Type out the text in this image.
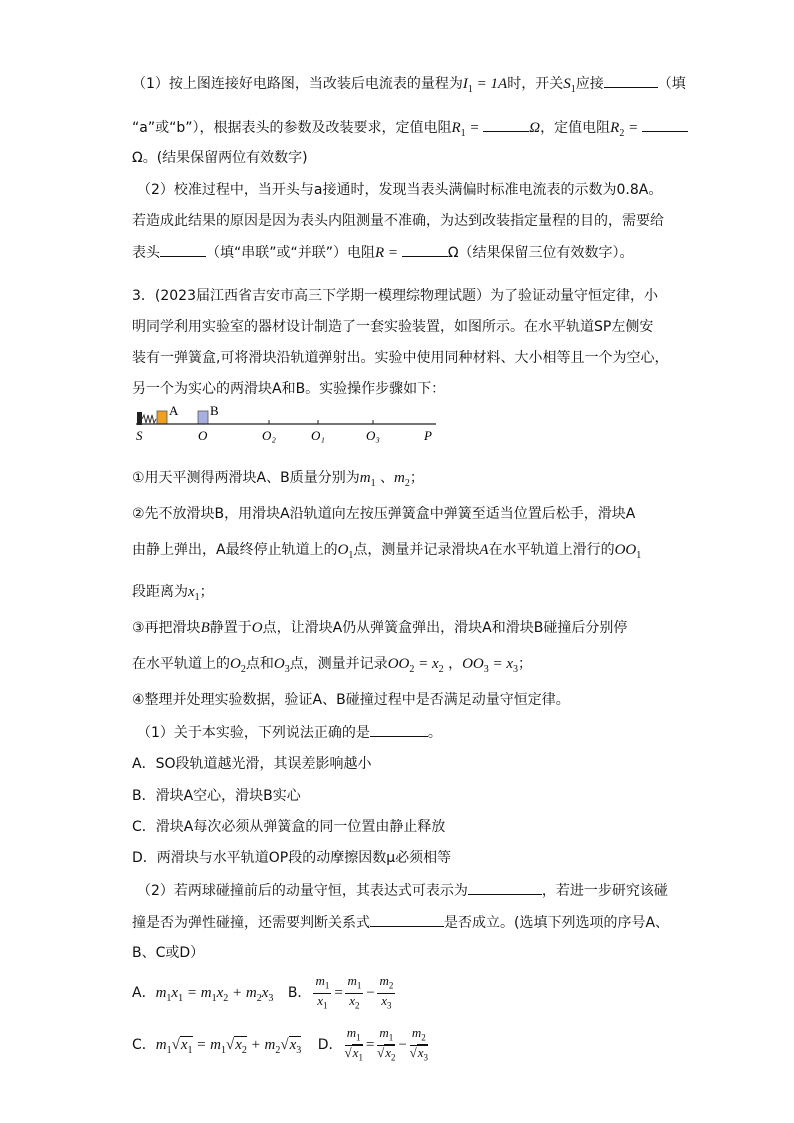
（1）按上图连接好电路图，当改装后电流表的量程为$I_1 = 1A$时，开关$S_1$应接	（填
“a”或“b”），根据表头的参数及改装要求，定值电阻$R_1$ =	Ω，定值电阻$R_2$ =
Ω。(结果保留两位有效数字)
（2）校准过程中，当开头与a接通时，发现当表头满偏时标准电流表的示数为0.8A。
若造成此结果的原因是因为表头内阻测量不准确，为达到改装指定量程的目的，需要给
表头	（填“串联”或“并联”）电阻R =	Ω（结果保留三位有效数字）。
3．(2023届江西省吉安市高三下学期一模理综物理试题）为了验证动量守恒定律，小
明同学利用实验室的器材设计制造了一套实验装置，如图所示。在水平轨道SP左侧安
装有一弹簧盒,可将滑块沿轨道弹射出。实验中使用同种材料、大小相等且一个为空心，
另一个为实心的两滑块A和B。实验操作步骤如下：
A B
S	O	O₂	O₁	O₃	P
①用天平测得两滑块A、B质量分别为$m_1$ 、$m_2$；
②先不放滑块B，用滑块A沿轨道向左按压弹簧盒中弹簧至适当位置后松手，滑块A
由静上弹出，A最终停止轨道上的$O_1$点，测量并记录滑块A在水平轨道上滑行的$OO_1$
段距离为$x_1$；
③再把滑块B静置于O点，让滑块A仍从弹簧盒弹出，滑块A和滑块B碰撞后分别停
在水平轨道上的$O_2$点和$O_3$点，测量并记录$OO_2 = x_2$ ，$OO_3 = x_3$；
④整理并处理实验数据，验证A、B碰撞过程中是否满足动量守恒定律。
（1）关于本实验，下列说法正确的是	。
A．SO段轨道越光滑，其误差影响越小
B．滑块A空心，滑块B实心
C．滑块A每次必须从弹簧盒的同一位置由静止释放
D．两滑块与水平轨道OP段的动摩擦因数μ必须相等
（2）若两球碰撞前后的动量守恒，其表达式可表示为	，若进一步研究该碰
撞是否为弹性碰撞，还需要判断关系式	是否成立。(选填下列选项的序号A、
B、C或D）
A．$m_1x_1 = m_1x_2 + m_2x_3$ B． $\frac{m_1}{x_1} = \frac{m_1}{x_2} - \frac{m_2}{x_3}$
C．$m_1√x_1 = m_1√x_2 + m_2√x_3$ D． $\frac{m_1}{√x_1} = \frac{m_1}{√x_2} - \frac{m_2}{√x_3}$
